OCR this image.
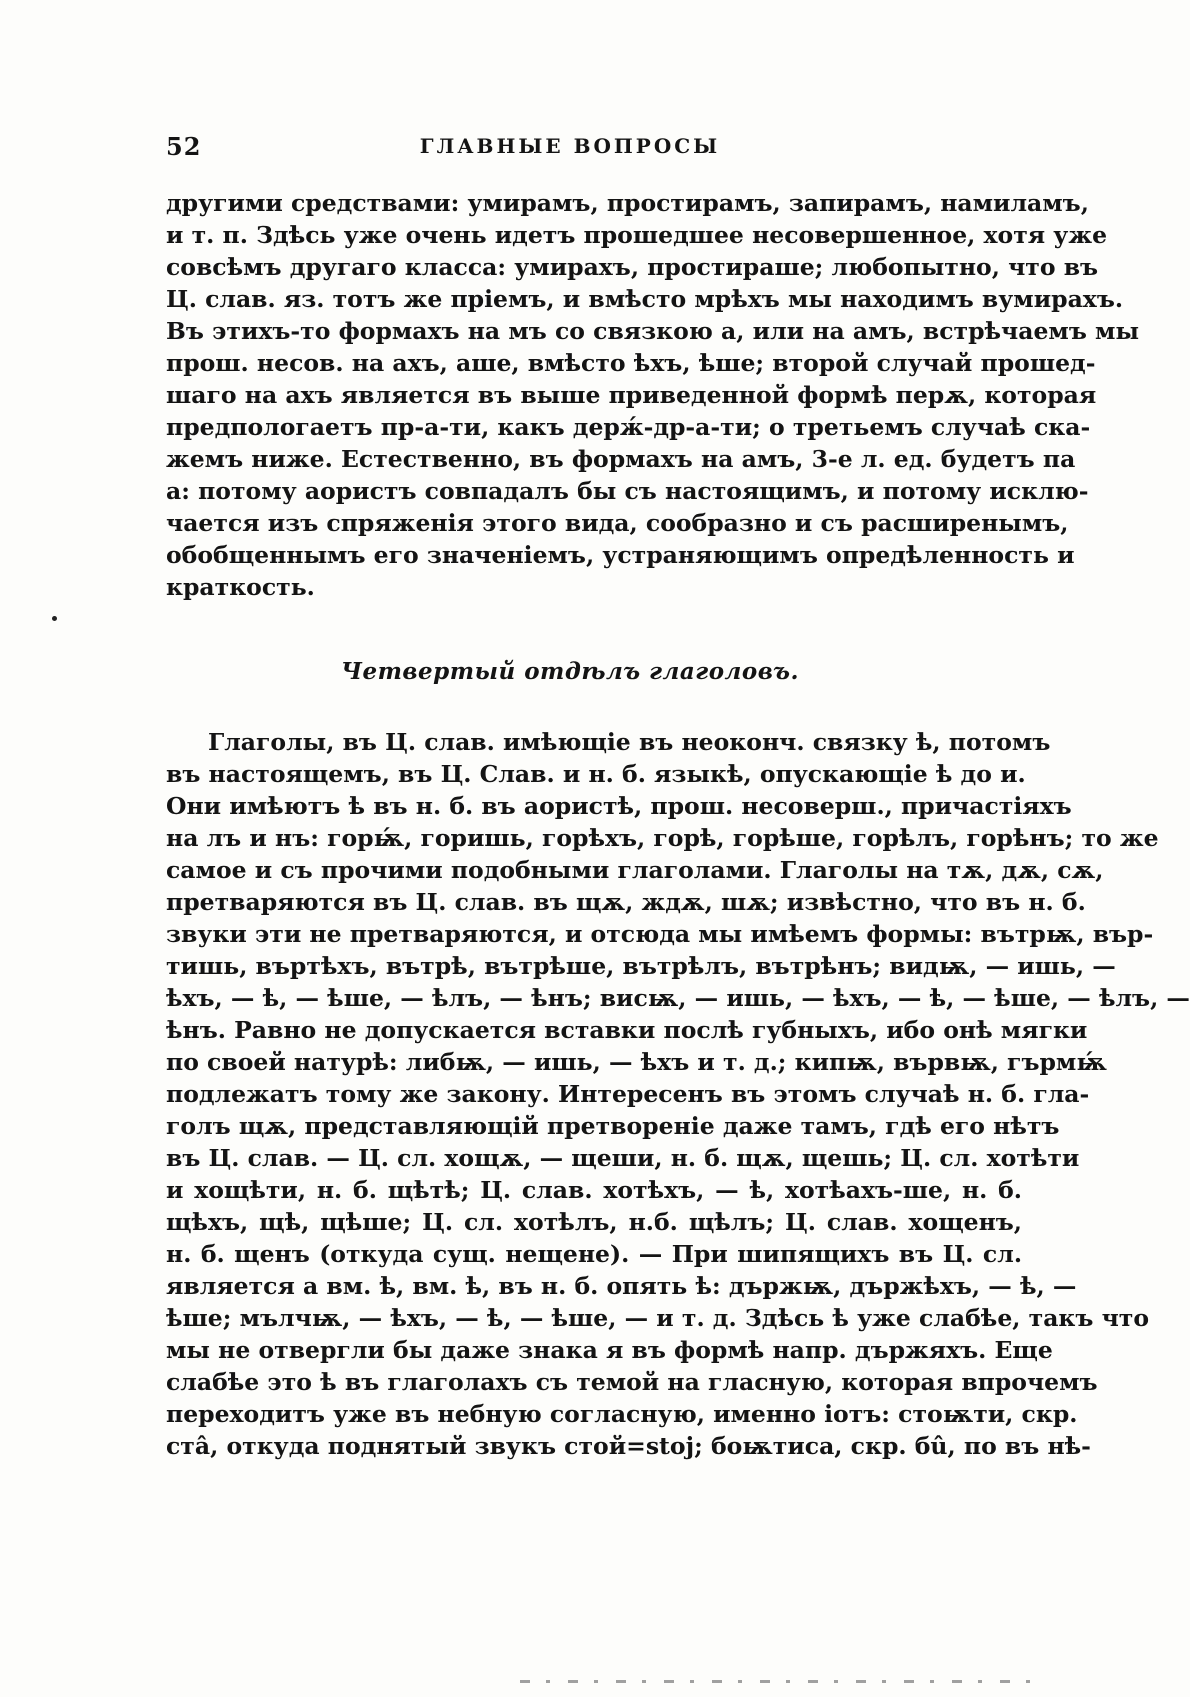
52	ГЛАВНЫЕ ВОПРОСЫ
другими средствами: умирамъ, простирамъ, запирамъ, намиламъ,
и т. п. Здѣсь уже очень идетъ прошедшее несовершенное, хотя уже
совсѣмъ другаго класса: умирахъ, простираше; любопытно, что въ
Ц. слав. яз. тотъ же пріемъ, и вмѣсто мрѣхъ мы находимъ вумирахъ.
Въ этихъ-то формахъ на мъ со связкою а, или на амъ, встрѣчаемъ мы
прош. несов. на ахъ, аше, вмѣсто ѣхъ, ѣше; второй случай прошед-
шаго на ахъ является въ выше приведенной формѣ перѫ, которая
предпологаетъ пр-а-ти, какъ держ́-др-а-ти; о третьемъ случаѣ ска-
жемъ ниже. Естественно, въ формахъ на амъ, 3-е л. ед. будетъ па
а: потому аористъ совпадалъ бы съ настоящимъ, и потому исклю-
чается изъ спряженія этого вида, сообразно и съ расширенымъ,
обобщеннымъ его значеніемъ, устраняющимъ опредѣленность и
краткость.
Четвертый отдѣлъ глаголовъ.
Глаголы, въ Ц. слав. имѣющіе въ неоконч. связку ѣ, потомъ
въ настоящемъ, въ Ц. Слав. и н. б. языкѣ, опускающіе ѣ до и.
Они имѣютъ ѣ въ н. б. въ аористѣ, прош. несоверш., причастіяхъ
на лъ и нъ: горѭ́, горишь, горѣхъ, горѣ, горѣше, горѣлъ, горѣнъ; то же
самое и съ прочими подобными глаголами. Глаголы на тѫ, дѫ, сѫ,
претваряются въ Ц. слав. въ щѫ, ждѫ, шѫ; извѣстно, что въ н. б.
звуки эти не претваряются, и отсюда мы имѣемъ формы: вътрѭ, вър-
тишь, въртѣхъ, вътрѣ, вътрѣше, вътрѣлъ, вътрѣнъ; видѭ, — ишь, —
ѣхъ, — ѣ, — ѣше, — ѣлъ, — ѣнъ; висѭ, — ишь, — ѣхъ, — ѣ, — ѣше, — ѣлъ, —
ѣнъ. Равно не допускается вставки послѣ губныхъ, ибо онѣ мягки
по своей натурѣ: либѭ, — ишь, — ѣхъ и т. д.; кипѭ, вървѭ, гърмѭ́
подлежатъ тому же закону. Интересенъ въ этомъ случаѣ н. б. гла-
голъ щѫ, представляющій претвореніе даже тамъ, гдѣ его нѣтъ
въ Ц. слав. — Ц. сл. хощѫ, — щеши, н. б. щѫ, щешь; Ц. сл. хотѣти
и хощѣти, н. б. щѣтѣ; Ц. слав. хотѣхъ, — ѣ, хотѣахъ-ше, н. б.
щѣхъ, щѣ, щѣше; Ц. сл. хотѣлъ, н.б. щѣлъ; Ц. слав. хощенъ,
н. б. щенъ (откуда сущ. нещене). — При шипящихъ въ Ц. сл.
является а вм. ѣ, вм. ѣ, въ н. б. опять ѣ: държѭ, държѣхъ, — ѣ, —
ѣше; мълчѭ, — ѣхъ, — ѣ, — ѣше, — и т. д. Здѣсь ѣ уже слабѣе, такъ что
мы не отвергли бы даже знака я въ формѣ напр. държяхъ. Еще
слабѣе это ѣ въ глаголахъ съ темой на гласную, которая впрочемъ
переходитъ уже въ небную согласную, именно іотъ: стоѭти, скр.
стâ, откуда поднятый звукъ стой=stoj; боѭтиса, скр. бû, по въ нѣ-
